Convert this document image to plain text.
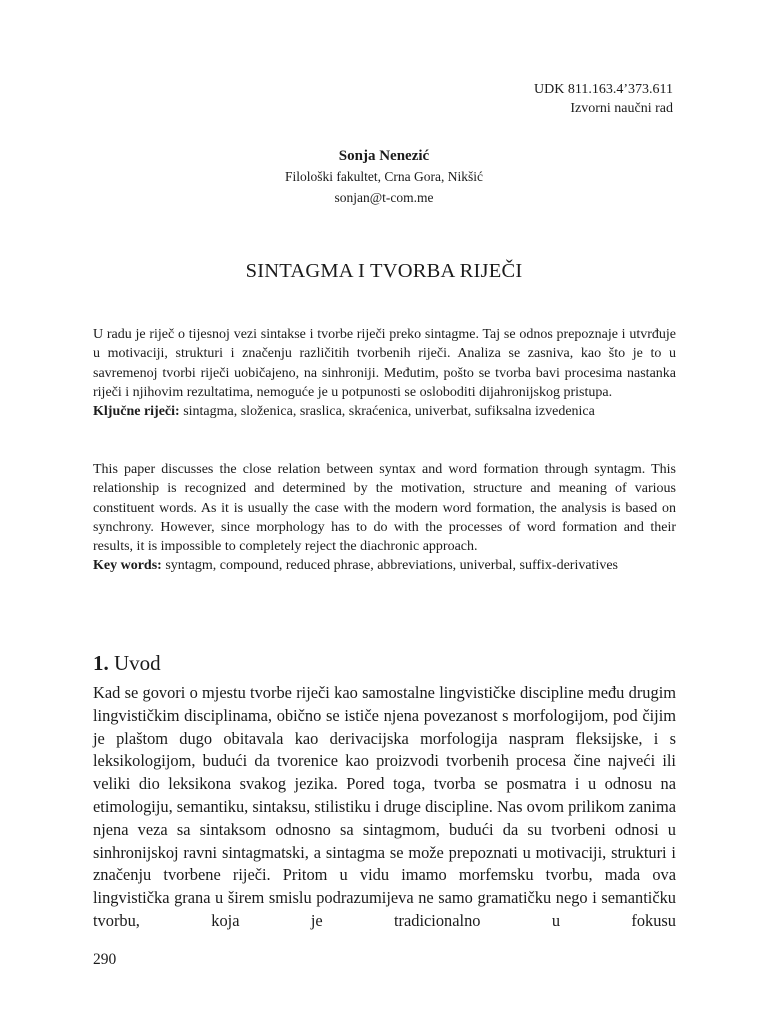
UDK 811.163.4’373.611
Izvorni naučni rad
Sonja Nenezić
Filološki fakultet, Crna Gora, Nikšić
sonjan@t-com.me
SINTAGMA I TVORBA RIJEČI
U radu je riječ o tijesnoj vezi sintakse i tvorbe riječi preko sintagme. Taj se odnos prepoznaje i utvrđuje u motivaciji, strukturi i značenju različitih tvorbenih riječi. Analiza se zasniva, kao što je to u savremenoj tvorbi riječi uobičajeno, na sinhroniji. Međutim, pošto se tvorba bavi procesima nastanka riječi i njihovim rezultatima, nemoguće je u potpunosti se osloboditi dijahronijskog pristupa.
Ključne riječi: sintagma, složenica, sraslica, skraćenica, univerbat, sufiksalna izvedenica
This paper discusses the close relation between syntax and word formation through syntagm. This relationship is recognized and determined by the motivation, structure and meaning of various constituent words. As it is usually the case with the modern word formation, the analysis is based on synchrony. However, since morphology has to do with the processes of word formation and their results, it is impossible to completely reject the diachronic approach.
Key words: syntagm, compound, reduced phrase, abbreviations, univerbal, suffix-derivatives
1. Uvod

Kad se govori o mjestu tvorbe riječi kao samostalne lingvističke discipline među drugim lingvističkim disciplinama, obično se ističe njena povezanost s morfologijom, pod čijim je plaštom dugo obitavala kao derivacijska morfologija naspram fleksijske, i s leksikologijom, budući da tvorenice kao proizvodi tvorbenih procesa čine najveći ili veliki dio leksikona svakog jezika. Pored toga, tvorba se posmatra i u odnosu na etimologiju, semantiku, sintaksu, stilistiku i druge discipline. Nas ovom prilikom zanima njena veza sa sintaksom odnosno sa sintagmom, budući da su tvorbeni odnosi u sinhronijskoj ravni sintagmatski, a sintagma se može prepoznati u motivaciji, strukturi i značenju tvorbene riječi. Pritom u vidu imamo morfemsku tvorbu, mada ova lingvistička grana u širem smislu podrazumijeva ne samo gramatičku nego i semantičku tvorbu, koja je tradicionalno u fokusu

290
